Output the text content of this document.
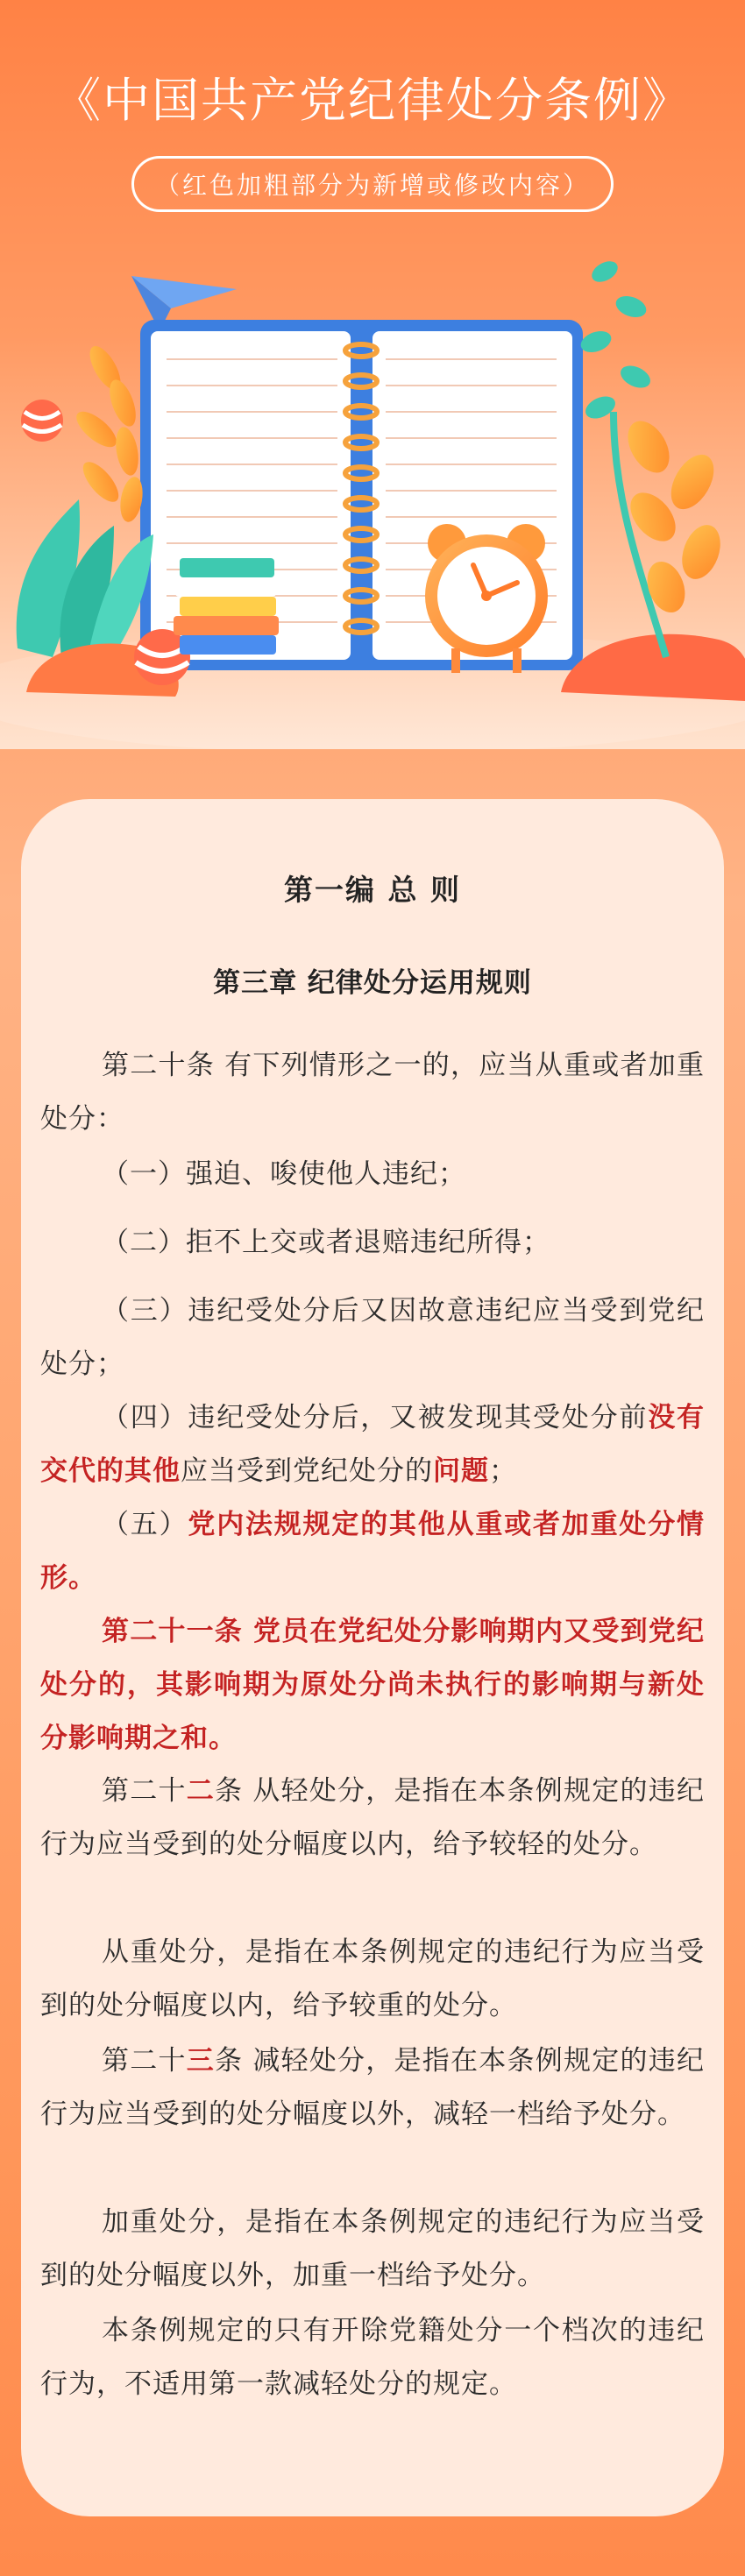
《中国共产党纪律处分条例》
（红色加粗部分为新增或修改内容）
第一编 总 则
第三章 纪律处分运用规则
第二十条 有下列情形之一的，应当从重或者加重处分：
（一）强迫、唆使他人违纪；
（二）拒不上交或者退赔违纪所得；
（三）违纪受处分后又因故意违纪应当受到党纪处分；
（四）违纪受处分后，又被发现其受处分前没有交代的其他应当受到党纪处分的问题；
（五）党内法规规定的其他从重或者加重处分情形。
第二十一条 党员在党纪处分影响期内又受到党纪处分的，其影响期为原处分尚未执行的影响期与新处分影响期之和。
第二十二条 从轻处分，是指在本条例规定的违纪行为应当受到的处分幅度以内，给予较轻的处分。
从重处分，是指在本条例规定的违纪行为应当受到的处分幅度以内，给予较重的处分。
第二十三条 减轻处分，是指在本条例规定的违纪行为应当受到的处分幅度以外，减轻一档给予处分。
加重处分，是指在本条例规定的违纪行为应当受到的处分幅度以外，加重一档给予处分。
本条例规定的只有开除党籍处分一个档次的违纪行为，不适用第一款减轻处分的规定。
